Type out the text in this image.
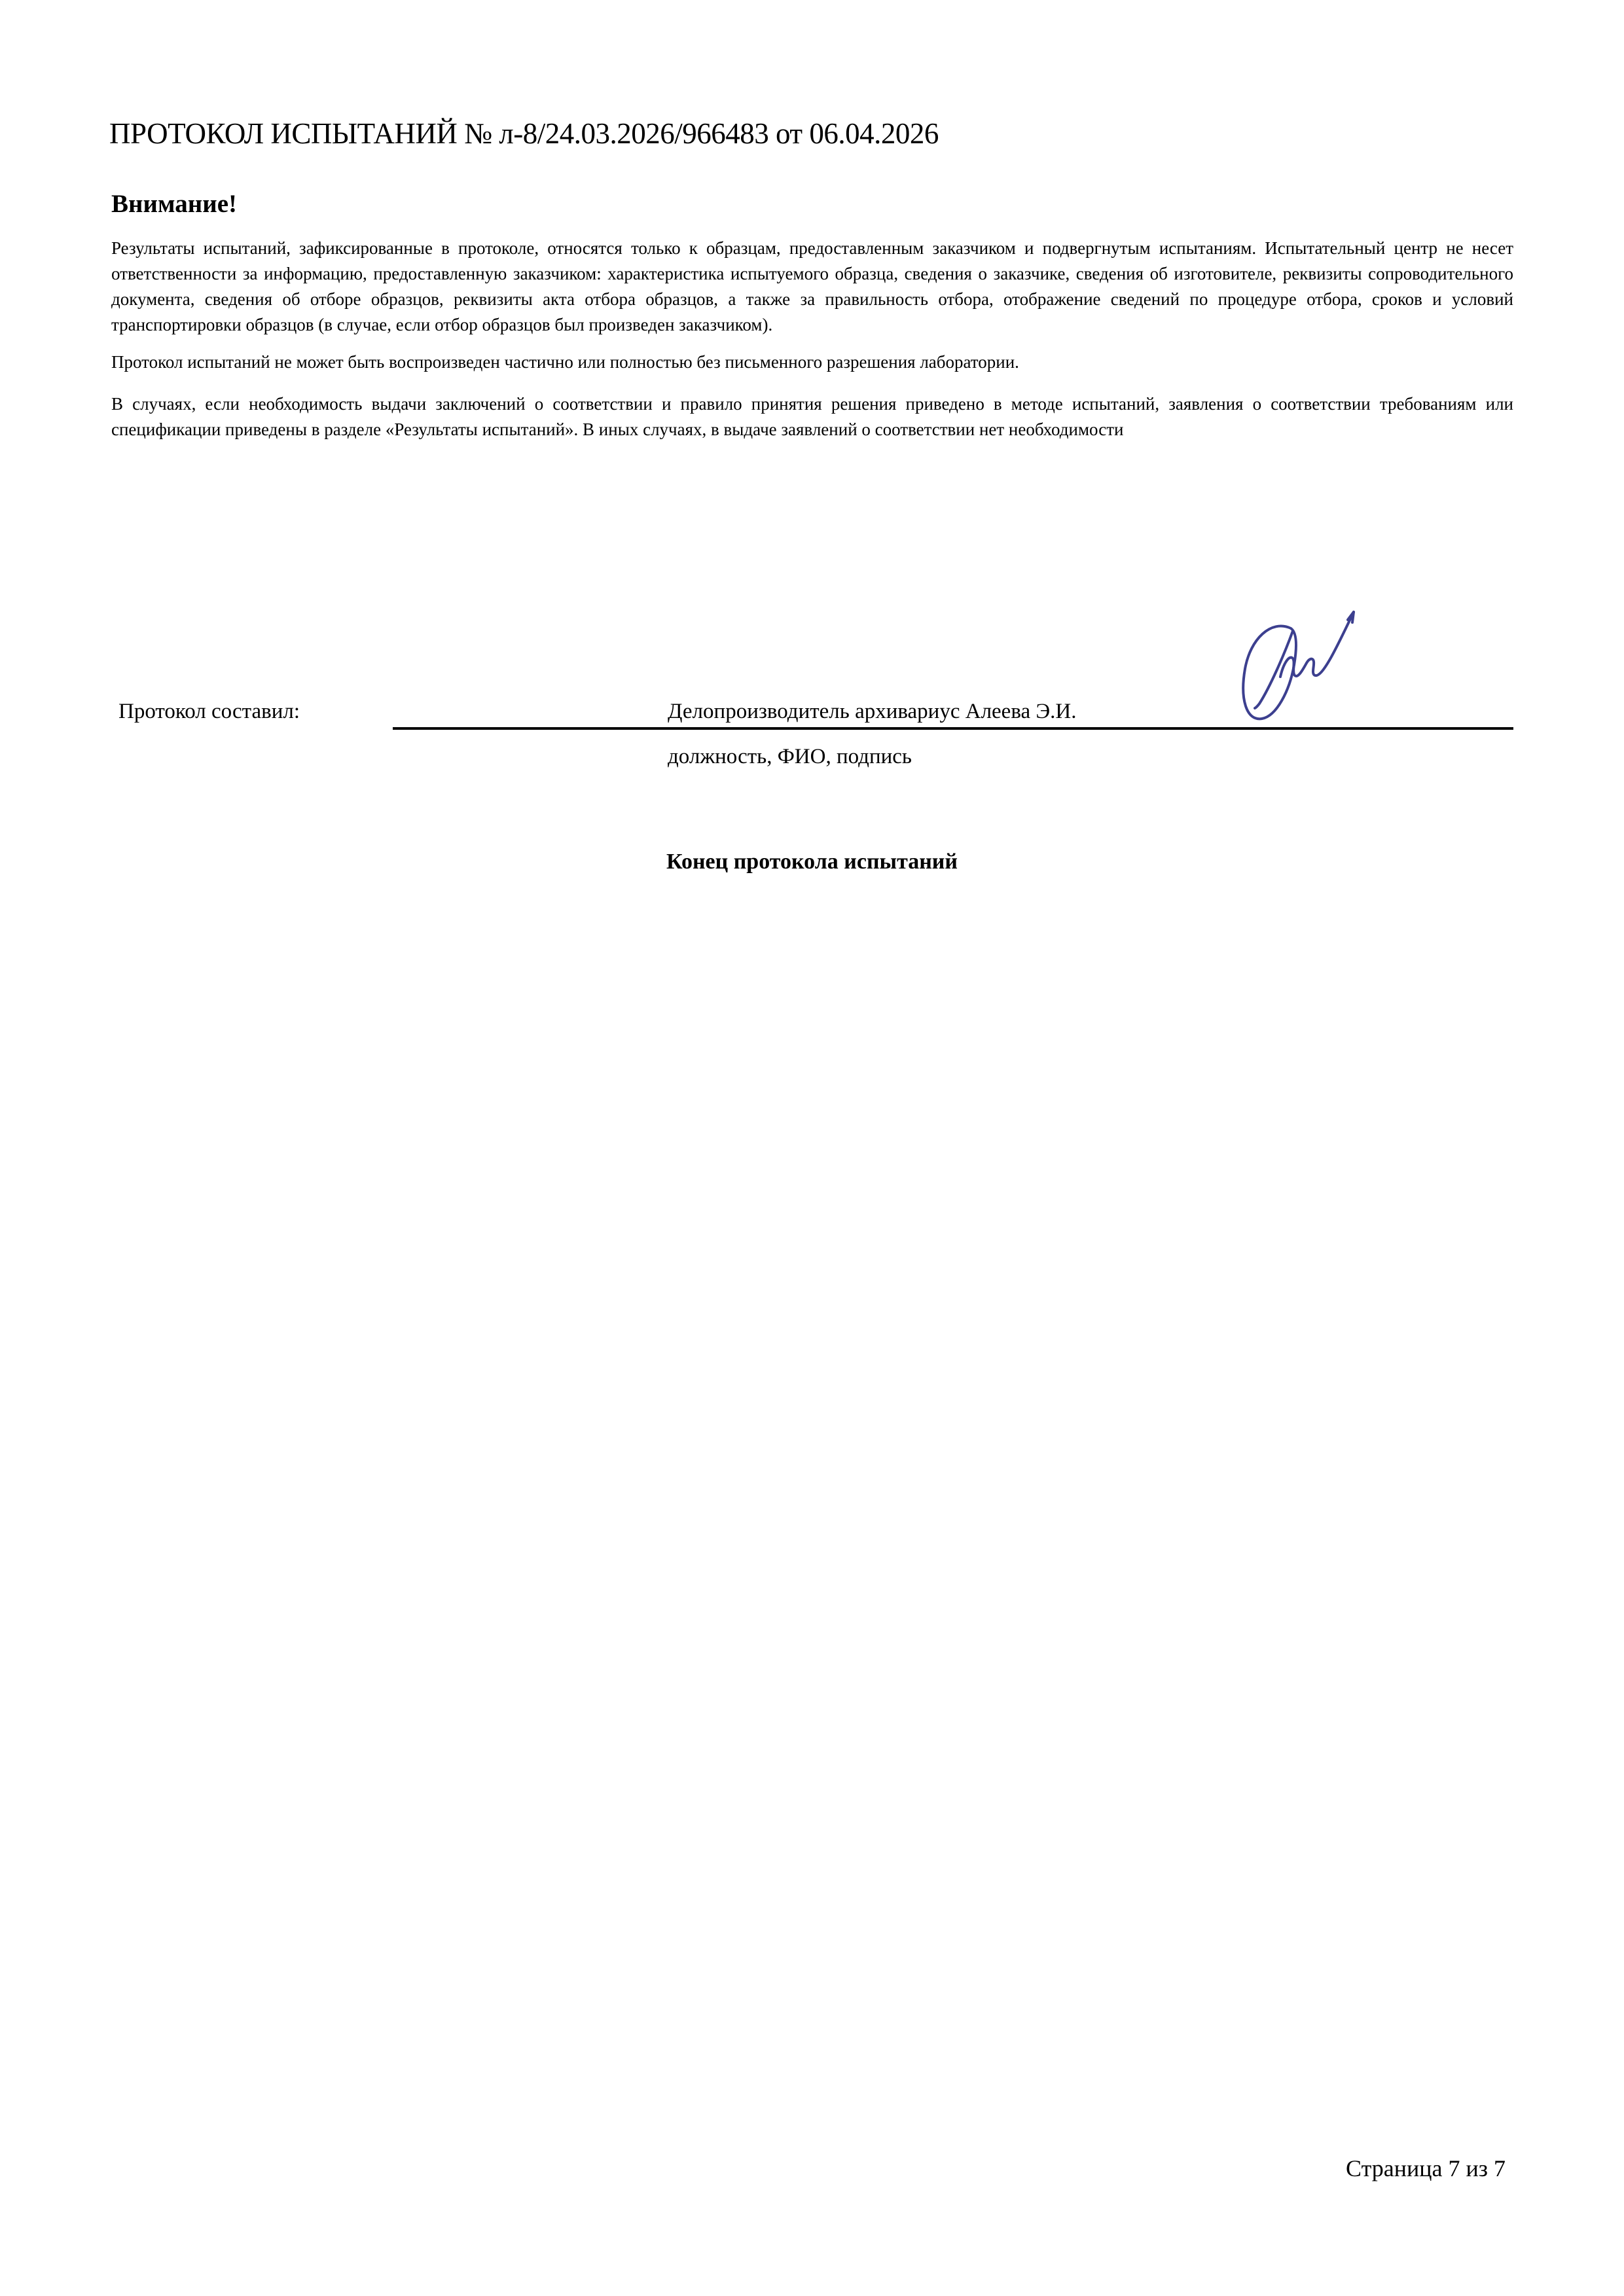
ПРОТОКОЛ ИСПЫТАНИЙ № л-8/24.03.2026/966483 от 06.04.2026
Внимание!

Результаты испытаний, зафиксированные в протоколе, относятся только к образцам, предоставленным заказчиком и подвергнутым испытаниям. Испытательный центр не несет ответственности за информацию, предоставленную заказчиком: характеристика испытуемого образца, сведения о заказчике, сведения об изготовителе, реквизиты сопроводительного документа, сведения об отборе образцов, реквизиты акта отбора образцов, а также за правильность отбора, отображение сведений по процедуре отбора, сроков и условий транспортировки образцов (в случае, если отбор образцов был произведен заказчиком).

Протокол испытаний не может быть воспроизведен частично или полностью без письменного разрешения лаборатории.

В случаях, если необходимость выдачи заключений о соответствии и правило принятия решения приведено в методе испытаний, заявления о соответствии требованиям или спецификации приведены в разделе «Результаты испытаний». В иных случаях, в выдаче заявлений о соответствии нет необходимости

Протокол составил:	Делопроизводитель архивариус Алеева Э.И.
должность, ФИО, подпись

Конец протокола испытаний

Страница 7 из 7
